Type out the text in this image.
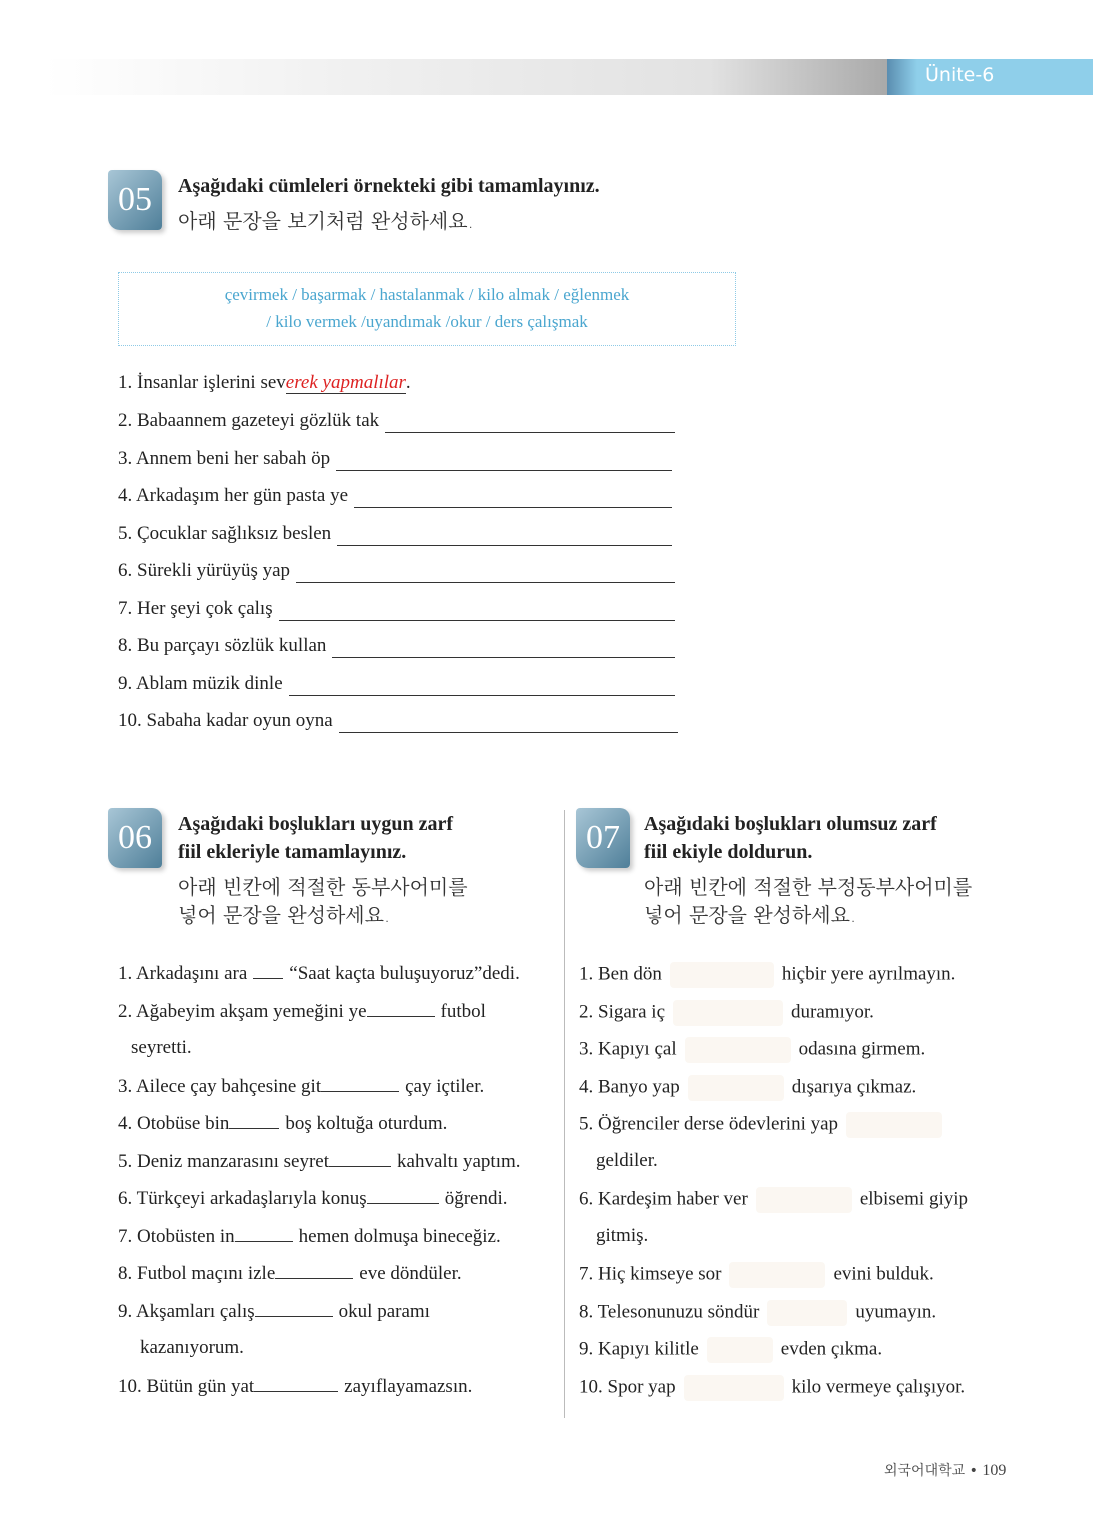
Ünite-6
05	Aşağıdaki cümleleri örnekteki gibi tamamlayınız.
아래 문장을 보기처럼 완성하세요.
çevirmek / başarmak / hastalanmak / kilo almak / eğlenmek
/ kilo vermek /uyandımak /okur / ders çalışmak
1. İnsanlar işlerini severek yapmalılar.
06	Aşağıdaki boşlukları uygun zarf
fiil ekleriyle tamamlayınız.
아래 빈칸에 적절한 동부사어미를
넣어 문장을 완성하세요.
07	Aşağıdaki boşlukları olumsuz zarf
fiil ekiyle doldurun.
아래 빈칸에 적절한 부정동부사어미를
넣어 문장을 완성하세요.
외국어대학교 • 109
2. Babaannem gazeteyi gözlük tak
3. Annem beni her sabah öp
4. Arkadaşım her gün pasta ye
5. Çocuklar sağlıksız beslen
6. Sürekli yürüyüş yap
7. Her şeyi çok çalış
8. Bu parçayı sözlük kullan
9. Ablam müzik dinle
10. Sabaha kadar oyun oyna
1. Arkadaşını ara “Saat kaçta buluşuyoruz”dedi.
2. Ağabeyim akşam yemeğini ye	futbol
seyretti.
3. Ailece çay bahçesine git	çay içtiler.
4. Otobüse bin	boş koltuğa oturdum.
5. Deniz manzarasını seyret	kahvaltı yaptım.
6. Türkçeyi arkadaşlarıyla konuş	öğrendi.
7. Otobüsten in	hemen dolmuşa bineceğiz.
8. Futbol maçını izle	eve döndüler.
9. Akşamları çalış	okul paramı
kazanıyorum.
10. Bütün gün yat	zayıflayamazsın.
1. Ben dön	hiçbir yere ayrılmayın.
2. Sigara iç	duramıyor.
3. Kapıyı çal	odasına girmem.
4. Banyo yap	dışarıya çıkmaz.
5. Öğrenciler derse ödevlerini yap
geldiler.
6. Kardeşim haber ver	elbisemi giyip
gitmiş.
7. Hiç kimseye sor	evini bulduk.
8. Telesonunuzu söndür	uyumayın.
9. Kapıyı kilitle	evden çıkma.
10. Spor yap	kilo vermeye çalışıyor.
